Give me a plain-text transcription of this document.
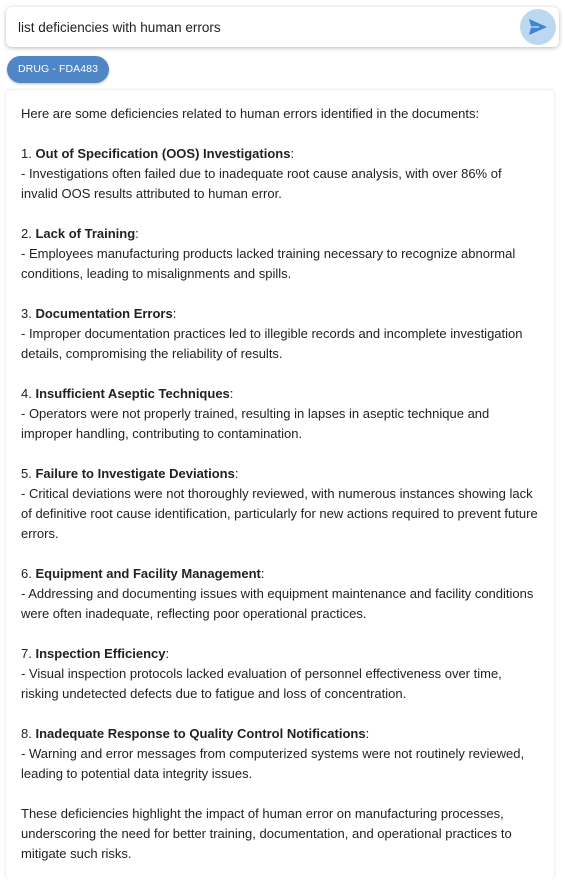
list deficiencies with human errors
DRUG - FDA483

Here are some deficiencies related to human errors identified in the documents:

1. Out of Specification (OOS) Investigations:

- Investigations often failed due to inadequate root cause analysis, with over 86% of invalid OOS results attributed to human error.

2. Lack of Training:

- Employees manufacturing products lacked training necessary to recognize abnormal conditions, leading to misalignments and spills.

3. Documentation Errors:

- Improper documentation practices led to illegible records and incomplete investigation details, compromising the reliability of results.

4. Insufficient Aseptic Techniques:

- Operators were not properly trained, resulting in lapses in aseptic technique and improper handling, contributing to contamination.

5. Failure to Investigate Deviations:

- Critical deviations were not thoroughly reviewed, with numerous instances showing lack of definitive root cause identification, particularly for new actions required to prevent future errors.

6. Equipment and Facility Management:

- Addressing and documenting issues with equipment maintenance and facility conditions were often inadequate, reflecting poor operational practices.

7. Inspection Efficiency:

- Visual inspection protocols lacked evaluation of personnel effectiveness over time, risking undetected defects due to fatigue and loss of concentration.

8. Inadequate Response to Quality Control Notifications:

- Warning and error messages from computerized systems were not routinely reviewed, leading to potential data integrity issues.

These deficiencies highlight the impact of human error on manufacturing processes, underscoring the need for better training, documentation, and operational practices to mitigate such risks.
